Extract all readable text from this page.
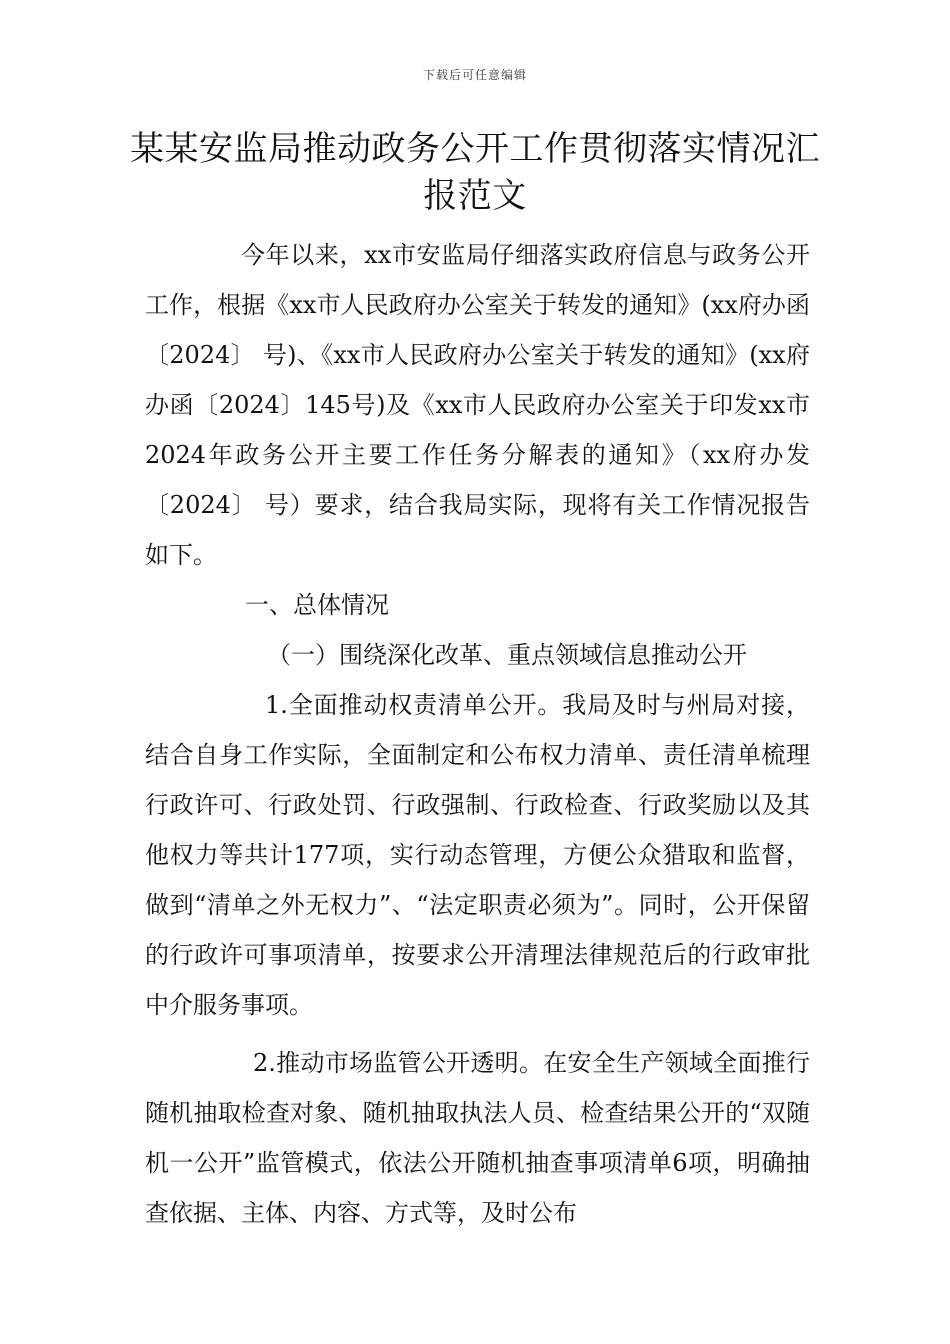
下载后可任意编辑
某某安监局推动政务公开工作贯彻落实情况汇报范文

今年以来，xx市安监局仔细落实政府信息与政务公开工作，根据《xx市人民政府办公室关于转发的通知》(xx府办函〔2024〕 号)、《xx市人民政府办公室关于转发的通知》(xx府办函〔2024〕145号)及《xx市人民政府办公室关于印发xx市2024年政务公开主要工作任务分解表的通知》（xx府办发〔2024〕 号）要求，结合我局实际，现将有关工作情况报告如下。

一、总体情况

（一）围绕深化改革、重点领域信息推动公开

1.全面推动权责清单公开。我局及时与州局对接，结合自身工作实际，全面制定和公布权力清单、责任清单梳理行政许可、行政处罚、行政强制、行政检查、行政奖励以及其他权力等共计177项，实行动态管理，方便公众猎取和监督，做到“清单之外无权力”、“法定职责必须为”。同时，公开保留的行政许可事项清单，按要求公开清理法律规范后的行政审批中介服务事项。

2.推动市场监管公开透明。在安全生产领域全面推行随机抽取检查对象、随机抽取执法人员、检查结果公开的“双随机一公开”监管模式，依法公开随机抽查事项清单6项，明确抽查依据、主体、内容、方式等，及时公布
